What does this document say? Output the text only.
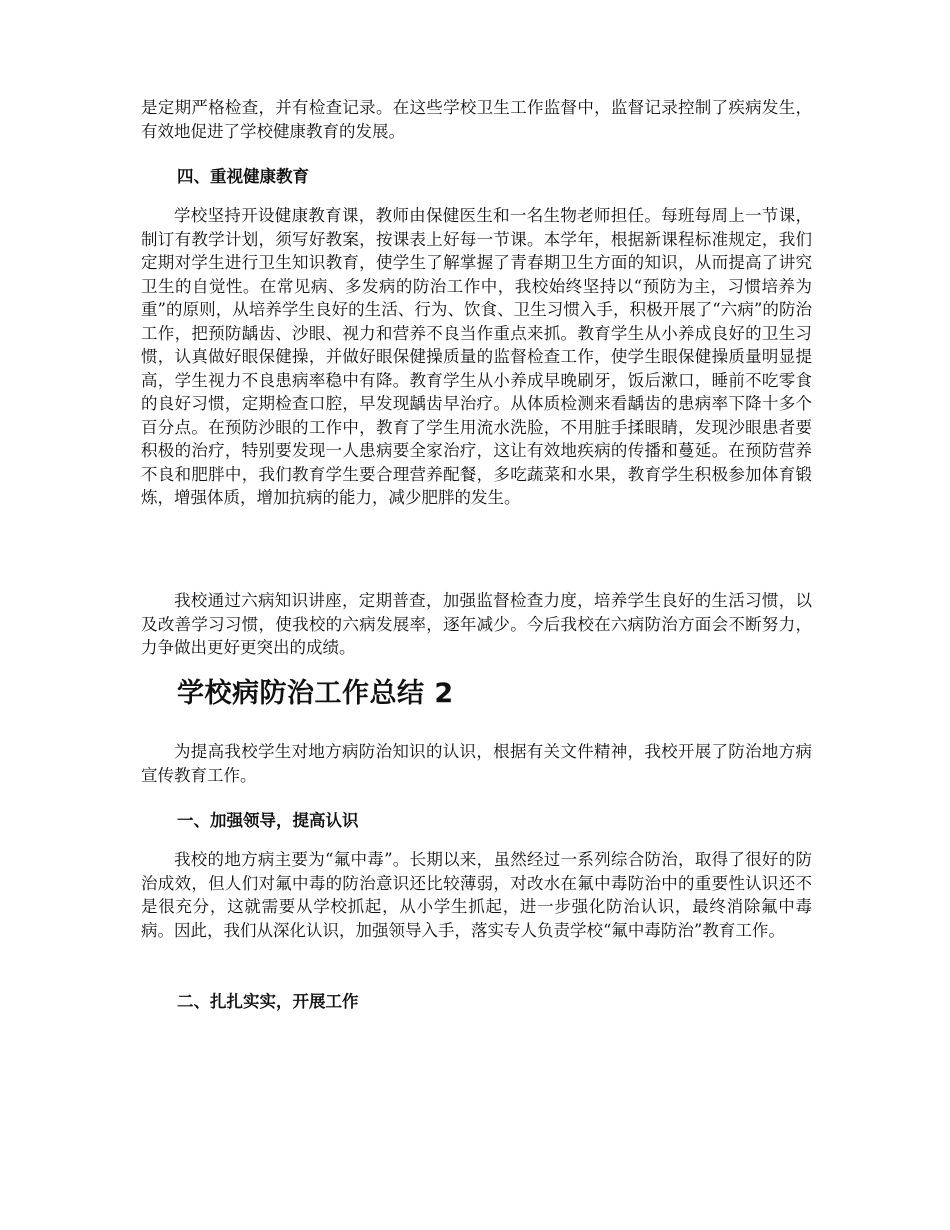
是定期严格检查，并有检查记录。在这些学校卫生工作监督中，监督记录控制了疾病发生，有效地促进了学校健康教育的发展。

四、重视健康教育

学校坚持开设健康教育课，教师由保健医生和一名生物老师担任。每班每周上一节课，制订有教学计划，须写好教案，按课表上好每一节课。本学年，根据新课程标准规定，我们定期对学生进行卫生知识教育，使学生了解掌握了青春期卫生方面的知识，从而提高了讲究卫生的自觉性。在常见病、多发病的防治工作中，我校始终坚持以“预防为主，习惯培养为重”的原则，从培养学生良好的生活、行为、饮食、卫生习惯入手，积极开展了“六病”的防治工作，把预防龋齿、沙眼、视力和营养不良当作重点来抓。教育学生从小养成良好的卫生习惯，认真做好眼保健操，并做好眼保健操质量的监督检查工作，使学生眼保健操质量明显提高，学生视力不良患病率稳中有降。教育学生从小养成早晚刷牙，饭后漱口，睡前不吃零食的良好习惯，定期检查口腔，早发现龋齿早治疗。从体质检测来看龋齿的患病率下降十多个百分点。在预防沙眼的工作中，教育了学生用流水洗脸，不用脏手揉眼睛，发现沙眼患者要积极的治疗，特别要发现一人患病要全家治疗，这让有效地疾病的传播和蔓延。在预防营养不良和肥胖中，我们教育学生要合理营养配餐，多吃蔬菜和水果，教育学生积极参加体育锻炼，增强体质，增加抗病的能力，减少肥胖的发生。

我校通过六病知识讲座，定期普查，加强监督检查力度，培养学生良好的生活习惯，以及改善学习习惯，使我校的六病发展率，逐年减少。今后我校在六病防治方面会不断努力，力争做出更好更突出的成绩。

学校病防治工作总结 2

为提高我校学生对地方病防治知识的认识，根据有关文件精神，我校开展了防治地方病宣传教育工作。

一、加强领导，提高认识

我校的地方病主要为“氟中毒”。长期以来，虽然经过一系列综合防治，取得了很好的防治成效，但人们对氟中毒的防治意识还比较薄弱，对改水在氟中毒防治中的重要性认识还不是很充分，这就需要从学校抓起，从小学生抓起，进一步强化防治认识，最终消除氟中毒病。因此，我们从深化认识，加强领导入手，落实专人负责学校“氟中毒防治”教育工作。

二、扎扎实实，开展工作
